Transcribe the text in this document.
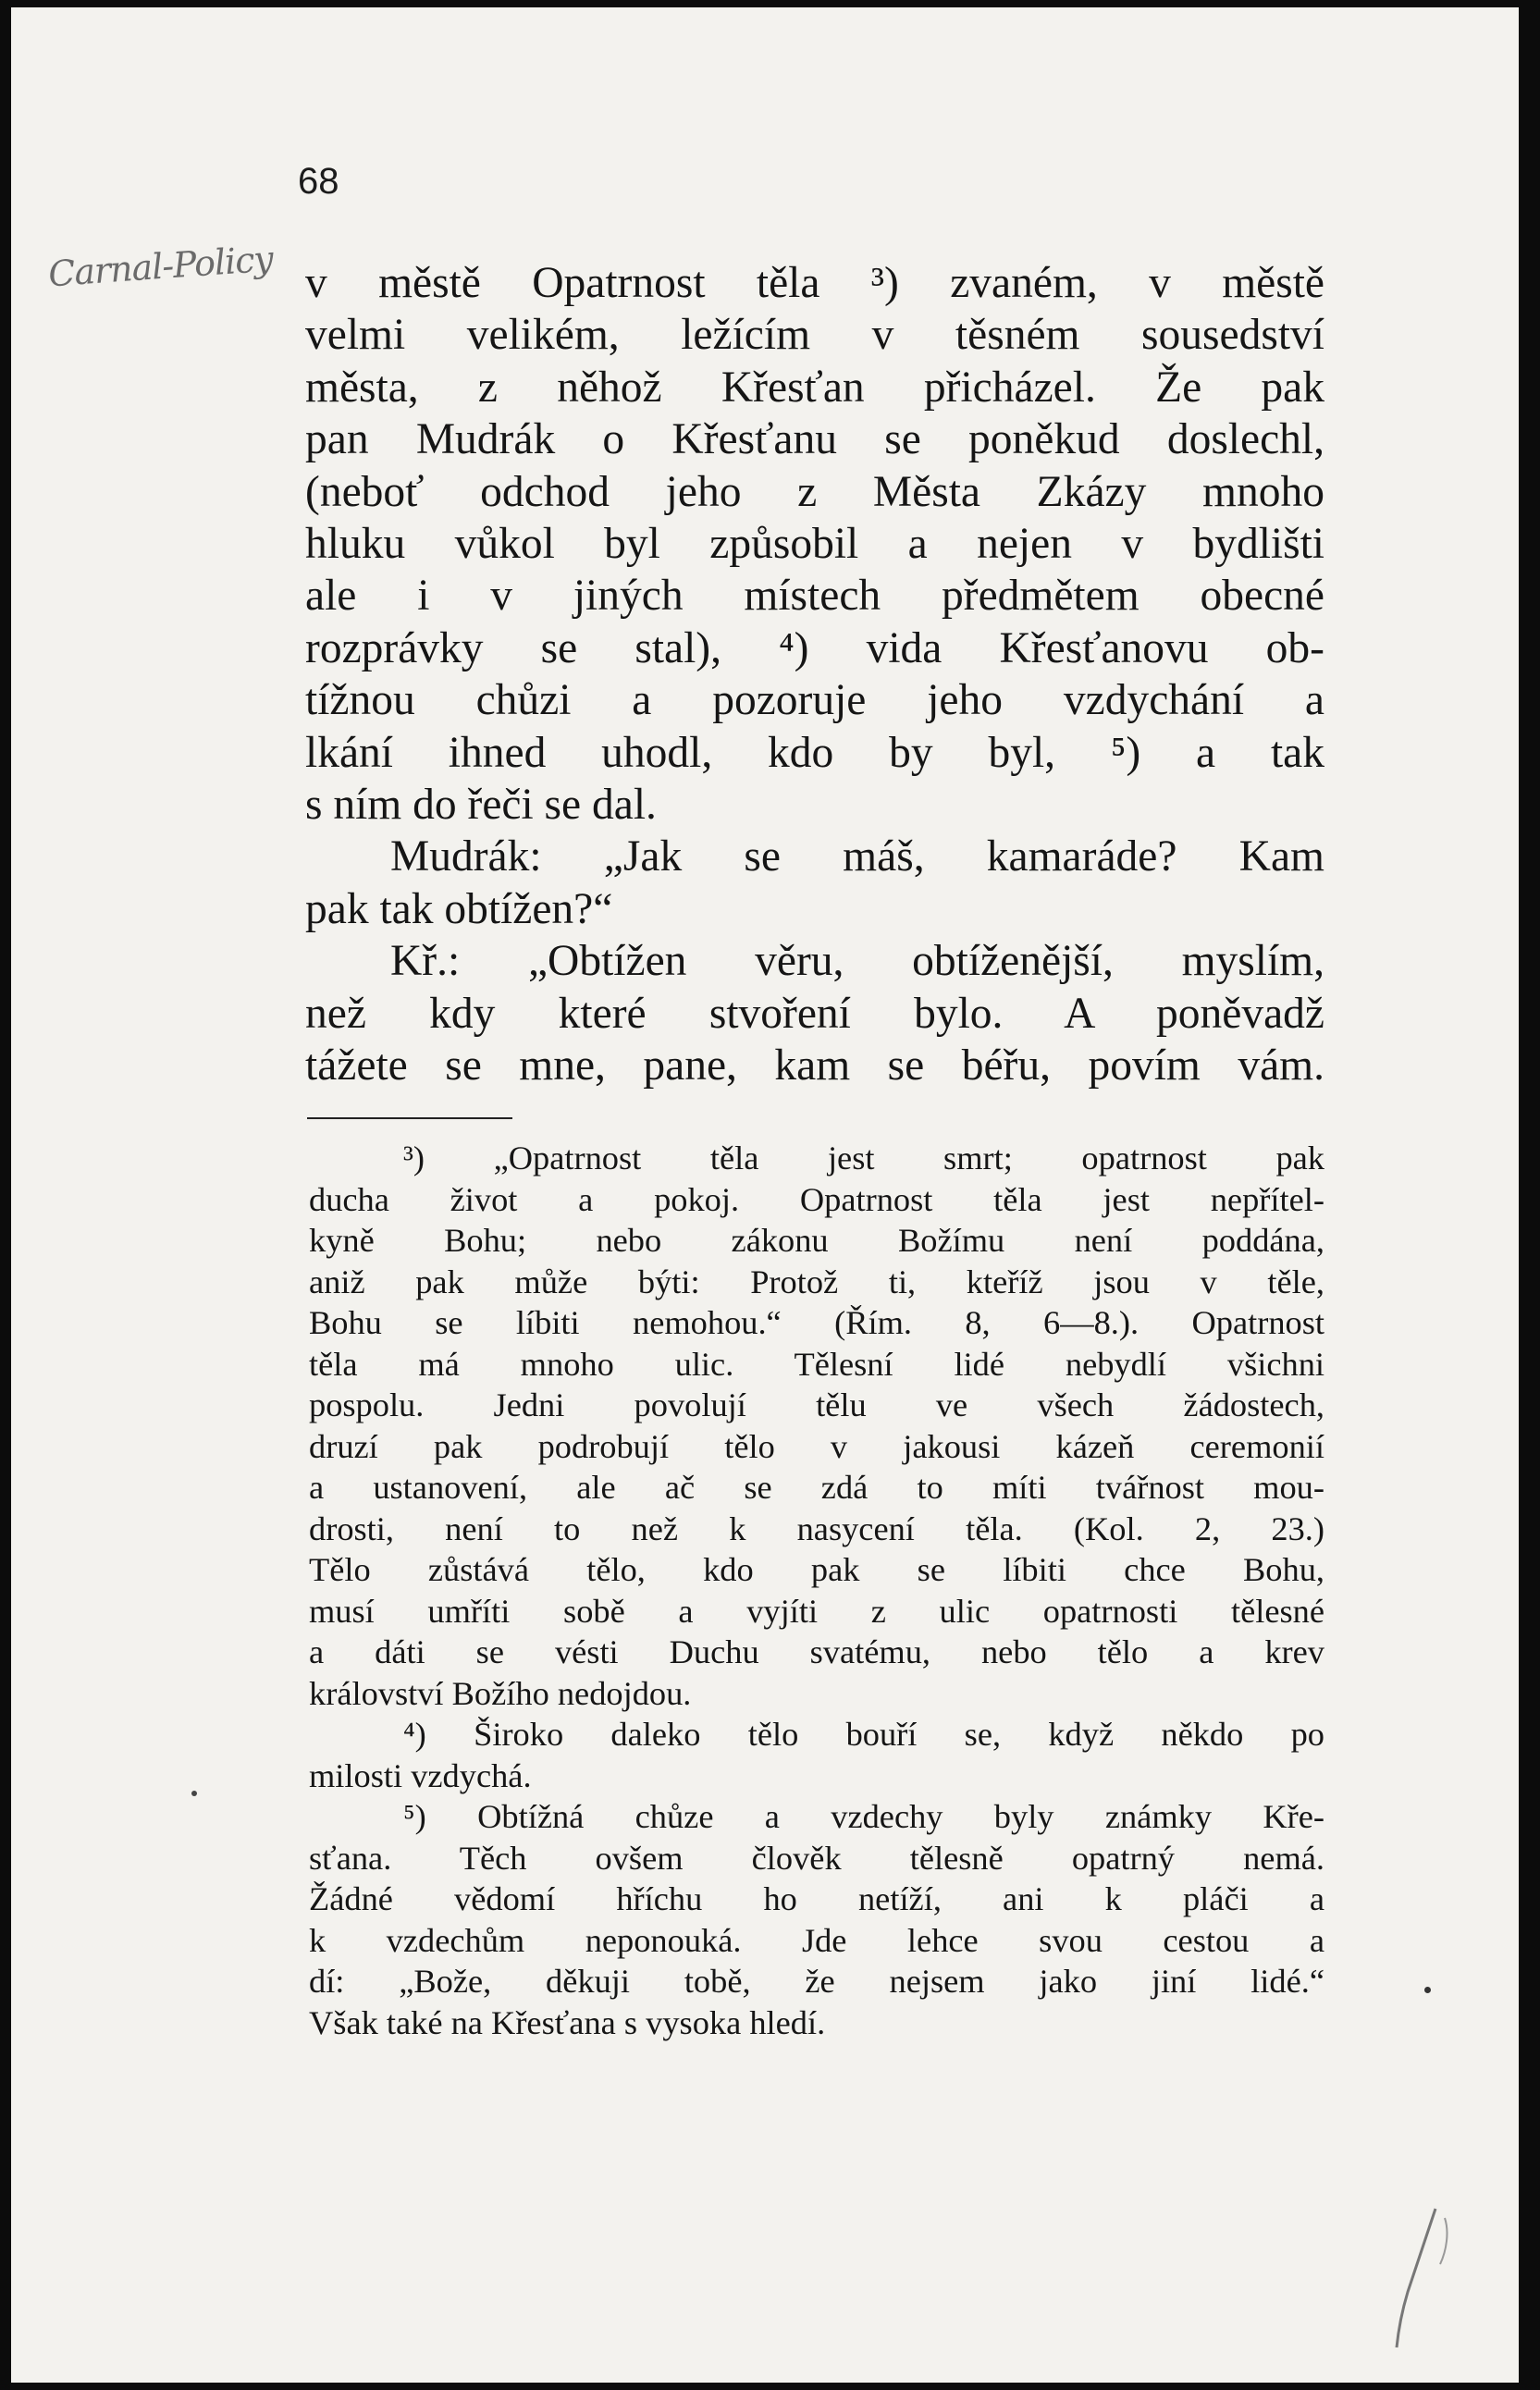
68
Carnal-Policy v městě Opatrnost těla ³) zvaném, v městě
velmi velikém, ležícím v těsném sousedství
města, z něhož Křesťan přicházel. Že pak
pan Mudrák o Křesťanu se poněkud doslechl,
(neboť odchod jeho z Města Zkázy mnoho
hluku vůkol byl způsobil a nejen v bydlišti
ale i v jiných místech předmětem obecné
rozprávky se stal), ⁴) vida Křesťanovu ob-
tížnou chůzi a pozoruje jeho vzdychání a
lkání ihned uhodl, kdo by byl, ⁵) a tak
s ním do řeči se dal.
Mudrák: „Jak se máš, kamaráde? Kam
pak tak obtížen?“
Kř.: „Obtížen věru, obtíženější, myslím,
než kdy které stvoření bylo. A poněvadž
tážete se mne, pane, kam se béřu, povím vám.
³) „Opatrnost těla jest smrt; opatrnost pak
ducha život a pokoj. Opatrnost těla jest nepřítel-
kyně Bohu; nebo zákonu Božímu není poddána,
aniž pak může býti: Protož ti, kteříž jsou v těle,
Bohu se líbiti nemohou.“ (Řím. 8, 6—8.). Opatrnost
těla má mnoho ulic. Tělesní lidé nebydlí všichni
pospolu. Jedni povolují tělu ve všech žádostech,
druzí pak podrobují tělo v jakousi kázeň ceremonií
a ustanovení, ale ač se zdá to míti tvářnost mou-
drosti, není to než k nasycení těla. (Kol. 2, 23.)
Tělo zůstává tělo, kdo pak se líbiti chce Bohu,
musí umříti sobě a vyjíti z ulic opatrnosti tělesné
a dáti se vésti Duchu svatému, nebo tělo a krev
království Božího nedojdou.
⁴) Široko daleko tělo bouří se, když někdo po
milosti vzdychá.
⁵) Obtížná chůze a vzdechy byly známky Kře-
sťana. Těch ovšem člověk tělesně opatrný nemá.
Žádné vědomí hříchu ho netíží, ani k pláči a
k vzdechům neponouká. Jde lehce svou cestou a
dí: „Bože, děkuji tobě, že nejsem jako jiní lidé.“
Však také na Křesťana s vysoka hledí.
